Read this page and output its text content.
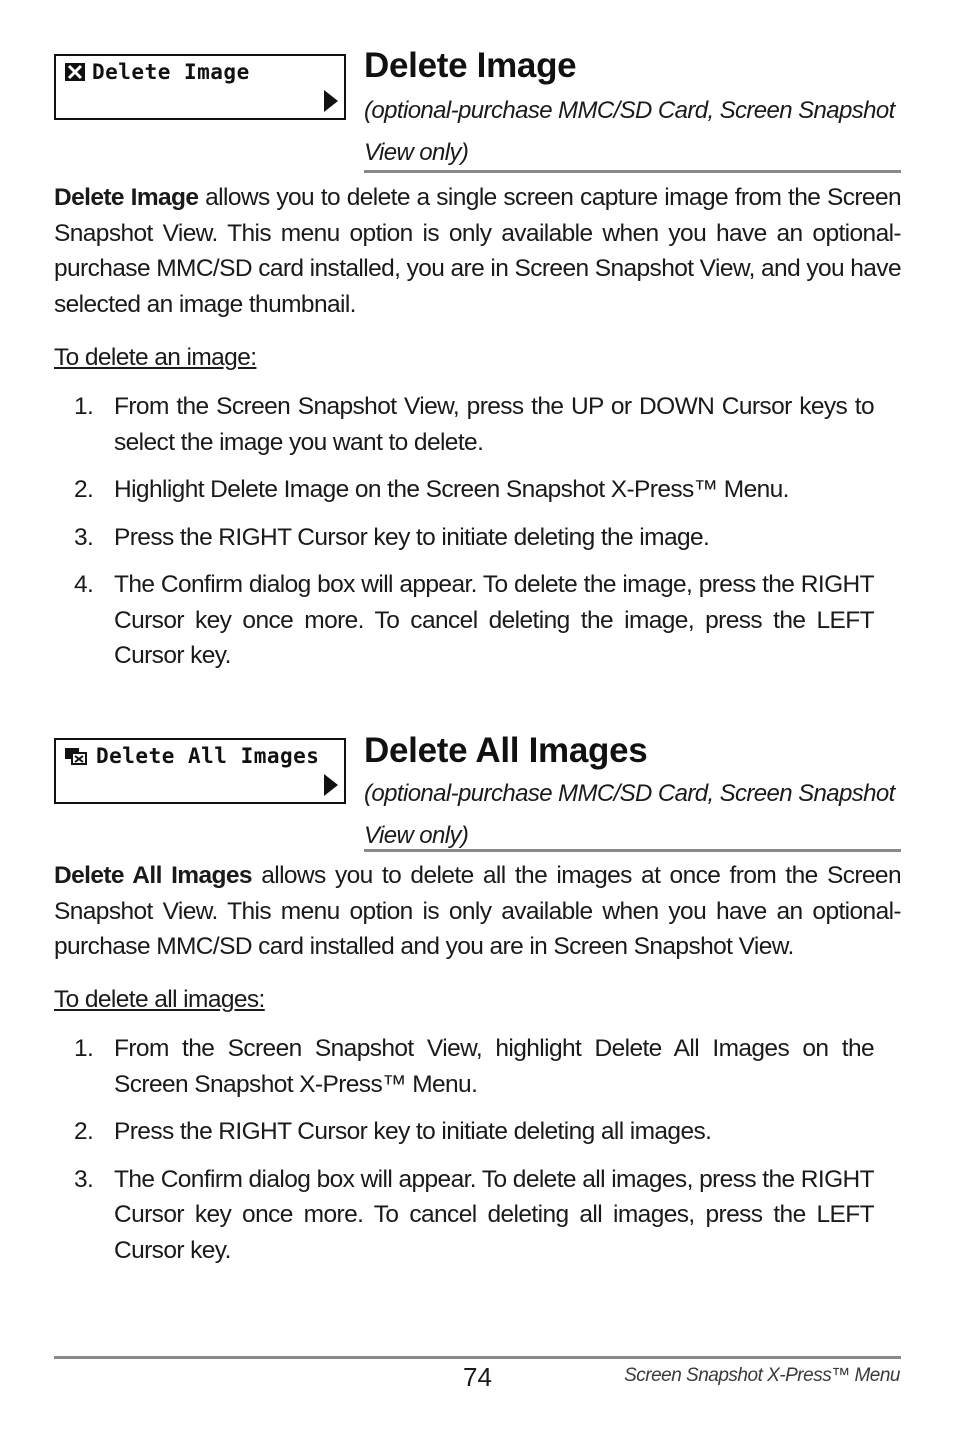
Delete Image	Delete Image
(optional-purchase MMC/SD Card, Screen Snapshot View only)
Delete Image allows you to delete a single screen capture image from the Screen Snapshot View. This menu option is only available when you have an optional-purchase MMC/SD card installed, you are in Screen Snapshot View, and you have selected an image thumbnail.
To delete an image:
1. From the Screen Snapshot View, press the UP or DOWN Cursor keys to select the image you want to delete.
2. Highlight Delete Image on the Screen Snapshot X-Press™ Menu.
3. Press the RIGHT Cursor key to initiate deleting the image.
4. The Confirm dialog box will appear. To delete the image, press the RIGHT Cursor key once more. To cancel deleting the image, press the LEFT Cursor key.
Delete All Images Delete All Images
(optional-purchase MMC/SD Card, Screen Snapshot View only)
Delete All Images allows you to delete all the images at once from the Screen Snapshot View. This menu option is only available when you have an optional-purchase MMC/SD card installed and you are in Screen Snapshot View.
To delete all images:
1. From the Screen Snapshot View, highlight Delete All Images on the Screen Snapshot X-Press™ Menu.
2. Press the RIGHT Cursor key to initiate deleting all images.
3. The Confirm dialog box will appear. To delete all images, press the RIGHT Cursor key once more. To cancel deleting all images, press the LEFT Cursor key.
74	Screen Snapshot X-Press™ Menu
